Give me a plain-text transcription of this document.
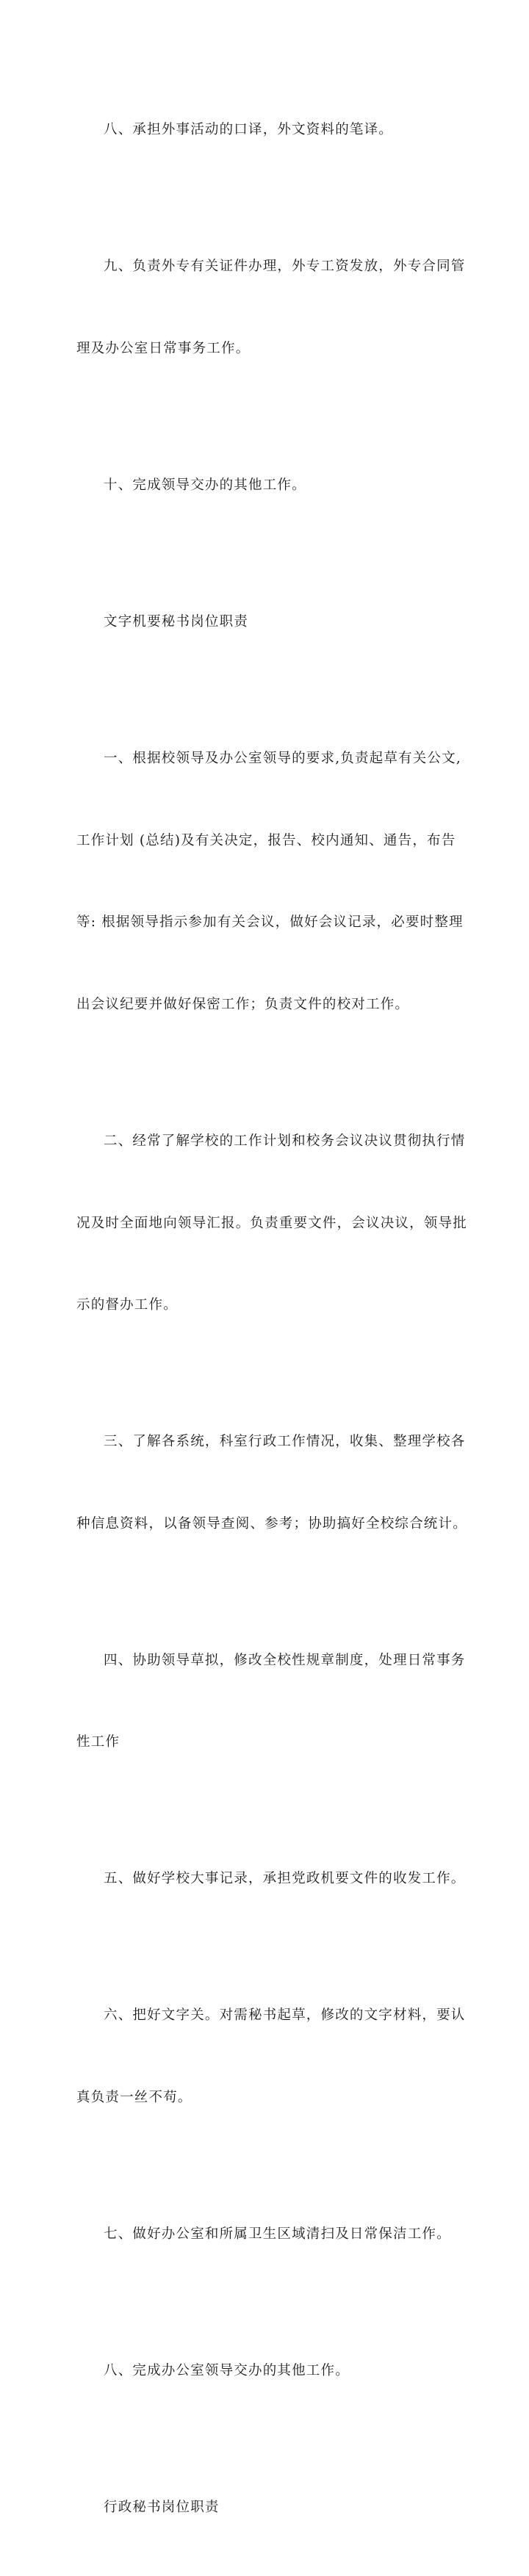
八、承担外事活动的口译，外文资料的笔译。

九、负责外专有关证件办理，外专工资发放，外专合同管

理及办公室日常事务工作。

十、完成领导交办的其他工作。

文字机要秘书岗位职责

一、根据校领导及办公室领导的要求,负责起草有关公文,

工作计划 (总结)及有关决定，报告、校内通知、通告，布告

等: 根据领导指示参加有关会议，做好会议记录，必要时整理

出会议纪要并做好保密工作；负责文件的校对工作。

二、经常了解学校的工作计划和校务会议决议贯彻执行情

况及时全面地向领导汇报。负责重要文件，会议决议，领导批

示的督办工作。

三、了解各系统，科室行政工作情况，收集、整理学校各

种信息资料，以备领导查阅、参考；协助搞好全校综合统计。

四、协助领导草拟，修改全校性规章制度，处理日常事务

性工作

五、做好学校大事记录，承担党政机要文件的收发工作。

六、把好文字关。对需秘书起草，修改的文字材料，要认

真负责一丝不苟。

七、做好办公室和所属卫生区域清扫及日常保洁工作。

八、完成办公室领导交办的其他工作。

行政秘书岗位职责
